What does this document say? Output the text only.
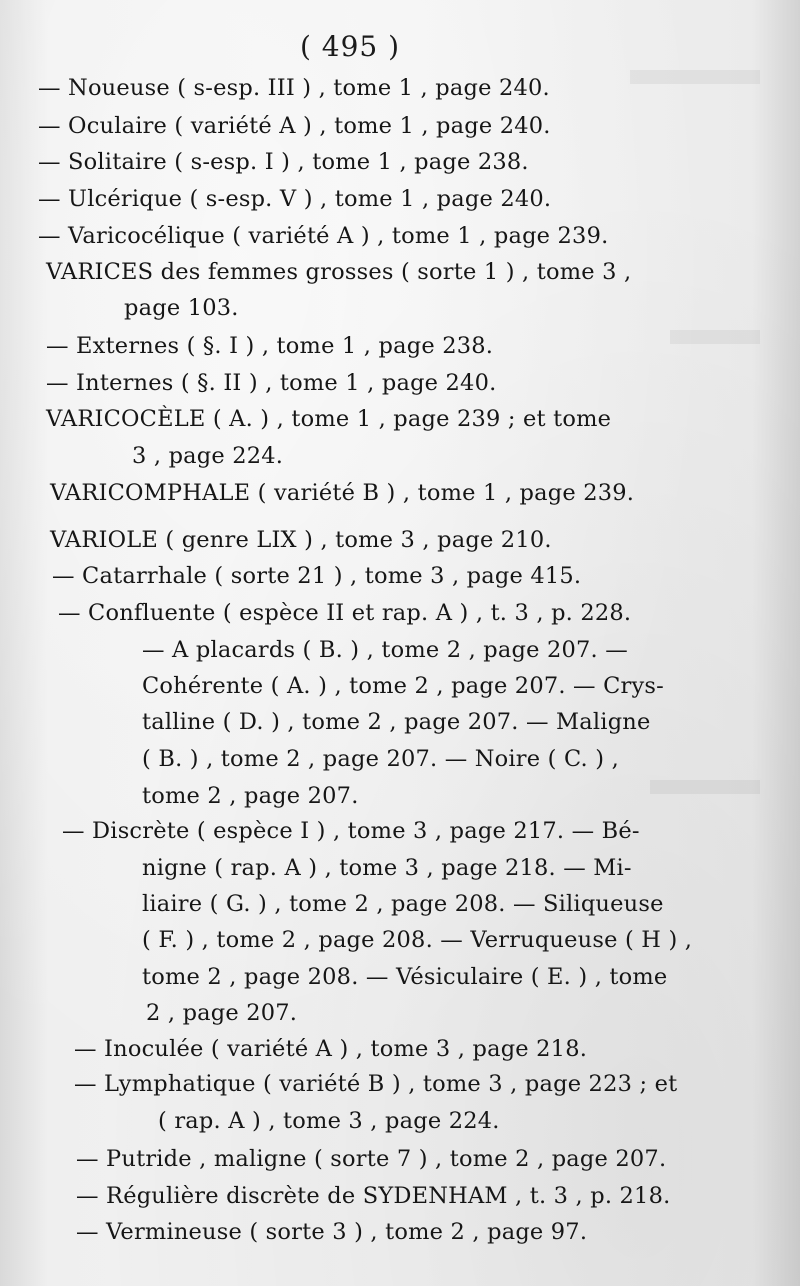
( 495 )
— Noueuse ( s-esp. III ) , tome 1 , page 240.
— Oculaire ( variété A ) , tome 1 , page 240.
— Solitaire ( s-esp. I ) , tome 1 , page 238.
— Ulcérique ( s-esp. V ) , tome 1 , page 240.
— Varicocélique ( variété A ) , tome 1 , page 239.
VARICES des femmes grosses ( sorte 1 ) , tome 3 ,
page 103.
— Externes ( §. I ) , tome 1 , page 238.
— Internes ( §. II ) , tome 1 , page 240.
VARICOCÈLE ( A. ) , tome 1 , page 239 ; et tome
3 , page 224.
VARICOMPHALE ( variété B ) , tome 1 , page 239.
VARIOLE ( genre LIX ) , tome 3 , page 210.
— Catarrhale ( sorte 21 ) , tome 3 , page 415.
— Confluente ( espèce II et rap. A ) , t. 3 , p. 228.
— A placards ( B. ) , tome 2 , page 207. —
Cohérente ( A. ) , tome 2 , page 207. — Crys-
talline ( D. ) , tome 2 , page 207. — Maligne
( B. ) , tome 2 , page 207. — Noire ( C. ) ,
tome 2 , page 207.
— Discrète ( espèce I ) , tome 3 , page 217. — Bé-
nigne ( rap. A ) , tome 3 , page 218. — Mi-
liaire ( G. ) , tome 2 , page 208. — Siliqueuse
( F. ) , tome 2 , page 208. — Verruqueuse ( H ) ,
tome 2 , page 208. — Vésiculaire ( E. ) , tome
2 , page 207.
— Inoculée ( variété A ) , tome 3 , page 218.
— Lymphatique ( variété B ) , tome 3 , page 223 ; et
( rap. A ) , tome 3 , page 224.
— Putride , maligne ( sorte 7 ) , tome 2 , page 207.
— Régulière discrète de SYDENHAM , t. 3 , p. 218.
— Vermineuse ( sorte 3 ) , tome 2 , page 97.
